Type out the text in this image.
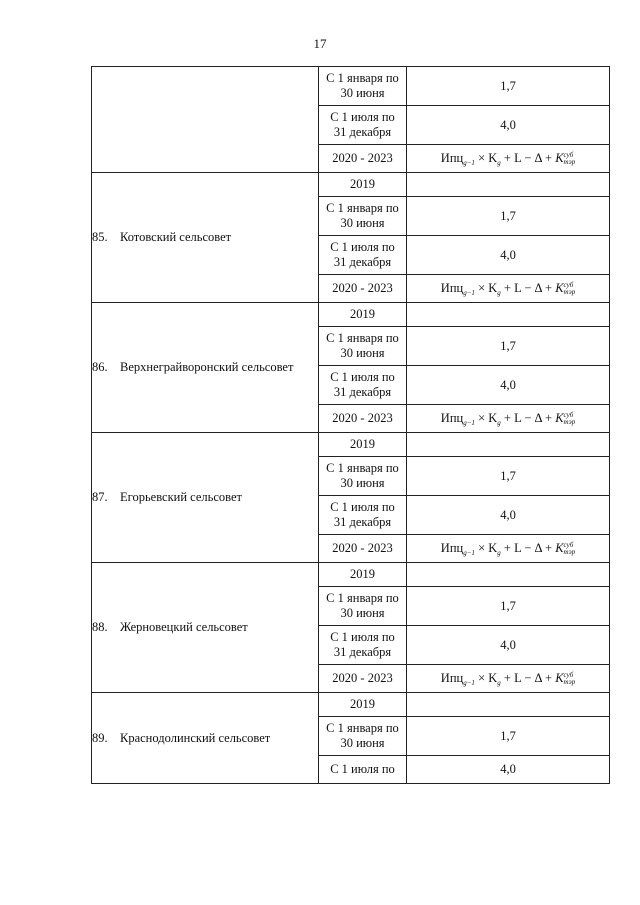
17
	С 1 января по
30 июня	1,7
	С 1 июля по
31 декабря	4,0
	2020 - 2023	$Ипц_{g-1} \times K_g + L - \Delta$ + Kсуб
тэр
85. Котовский сельсовет	2019	
	С 1 января по
30 июня	1,7
	С 1 июля по
31 декабря	4,0
	2020 - 2023	$Ипц_{g-1} \times K_g + L - \Delta$ + Kсуб
тэр
86. Верхнеграйворонский сельсовет	2019	
	С 1 января по
30 июня	1,7
	С 1 июля по
31 декабря	4,0
	2020 - 2023	$Ипц_{g-1} \times K_g + L - \Delta$ + Kсуб
тэр
87. Егорьевский сельсовет	2019	
	С 1 января по
30 июня	1,7
	С 1 июля по
31 декабря	4,0
	2020 - 2023	$Ипц_{g-1} \times K_g + L - \Delta$ + Kсуб
тэр
88. Жерновецкий сельсовет	2019	
	С 1 января по
30 июня	1,7
	С 1 июля по
31 декабря	4,0
	2020 - 2023	$Ипц_{g-1} \times K_g + L - \Delta$ + Kсуб
тэр
89. Краснодолинский сельсовет	2019	
	С 1 января по
30 июня	1,7
	С 1 июля по	4,0
